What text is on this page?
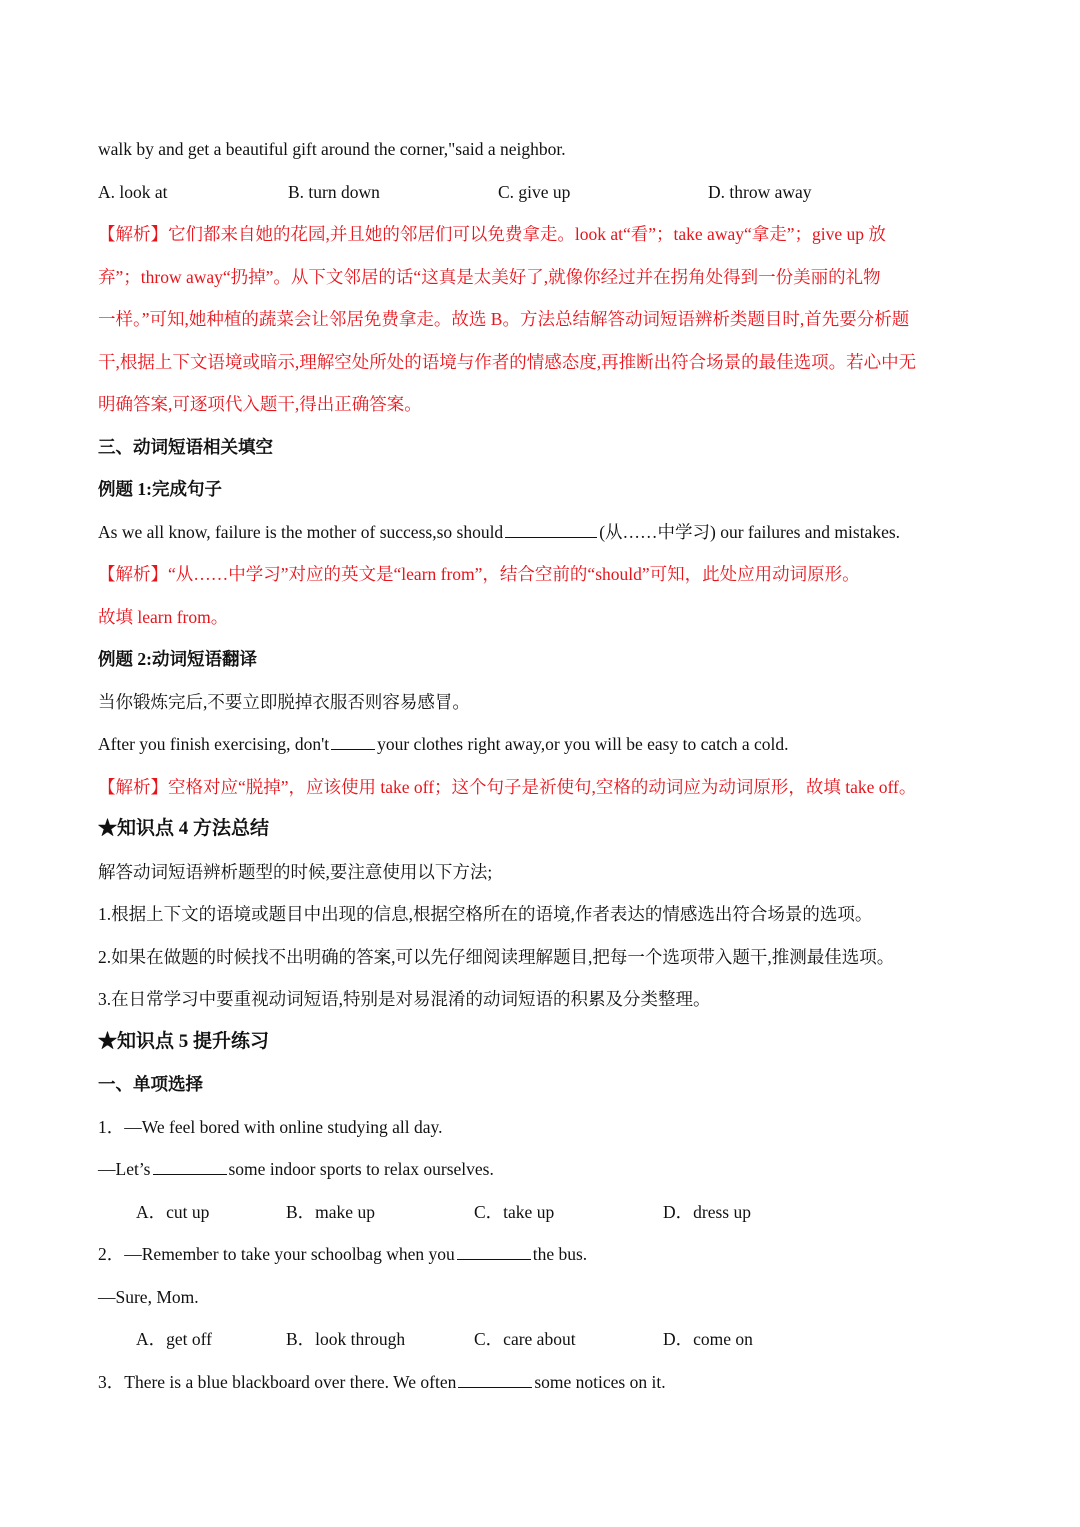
walk by and get a beautiful gift around the corner,"said a neighbor.
A. look at	B. turn down	C. give up	D. throw away
【解析】它们都来自她的花园,并且她的邻居们可以免费拿走。look at“看”；take away“拿走”；give up 放
弃”；throw away“扔掉”。从下文邻居的话“这真是太美好了,就像你经过并在拐角处得到一份美丽的礼物
一样。”可知,她种植的蔬菜会让邻居免费拿走。故选 B。方法总结解答动词短语辨析类题目时,首先要分析题
干,根据上下文语境或暗示,理解空处所处的语境与作者的情感态度,再推断出符合场景的最佳选项。若心中无
明确答案,可逐项代入题干,得出正确答案。
三、动词短语相关填空
例题 1:完成句子
As we all know, failure is the mother of success,so should	(从……中学习) our failures and mistakes.
【解析】“从……中学习”对应的英文是“learn from”，结合空前的“should”可知，此处应用动词原形。
故填 learn from。
例题 2:动词短语翻译
当你锻炼完后,不要立即脱掉衣服否则容易感冒。
After you finish exercising, don't	your clothes right away,or you will be easy to catch a cold.
【解析】空格对应“脱掉”，应该使用 take off；这个句子是祈使句,空格的动词应为动词原形，故填 take off。
★知识点 4 方法总结
解答动词短语辨析题型的时候,要注意使用以下方法;
1.根据上下文的语境或题目中出现的信息,根据空格所在的语境,作者表达的情感选出符合场景的选项。
2.如果在做题的时候找不出明确的答案,可以先仔细阅读理解题目,把每一个选项带入题干,推测最佳选项。
3.在日常学习中要重视动词短语,特别是对易混淆的动词短语的积累及分类整理。
★知识点 5 提升练习
一、单项选择
1．—We feel bored with online studying all day.
—Let’s	some indoor sports to relax ourselves.
A．cut up	B．make up	C．take up	D．dress up
2．—Remember to take your schoolbag when you	the bus.
—Sure, Mom.
A．get off	B．look through	C．care about	D．come on
3．There is a blue blackboard over there. We often	some notices on it.
